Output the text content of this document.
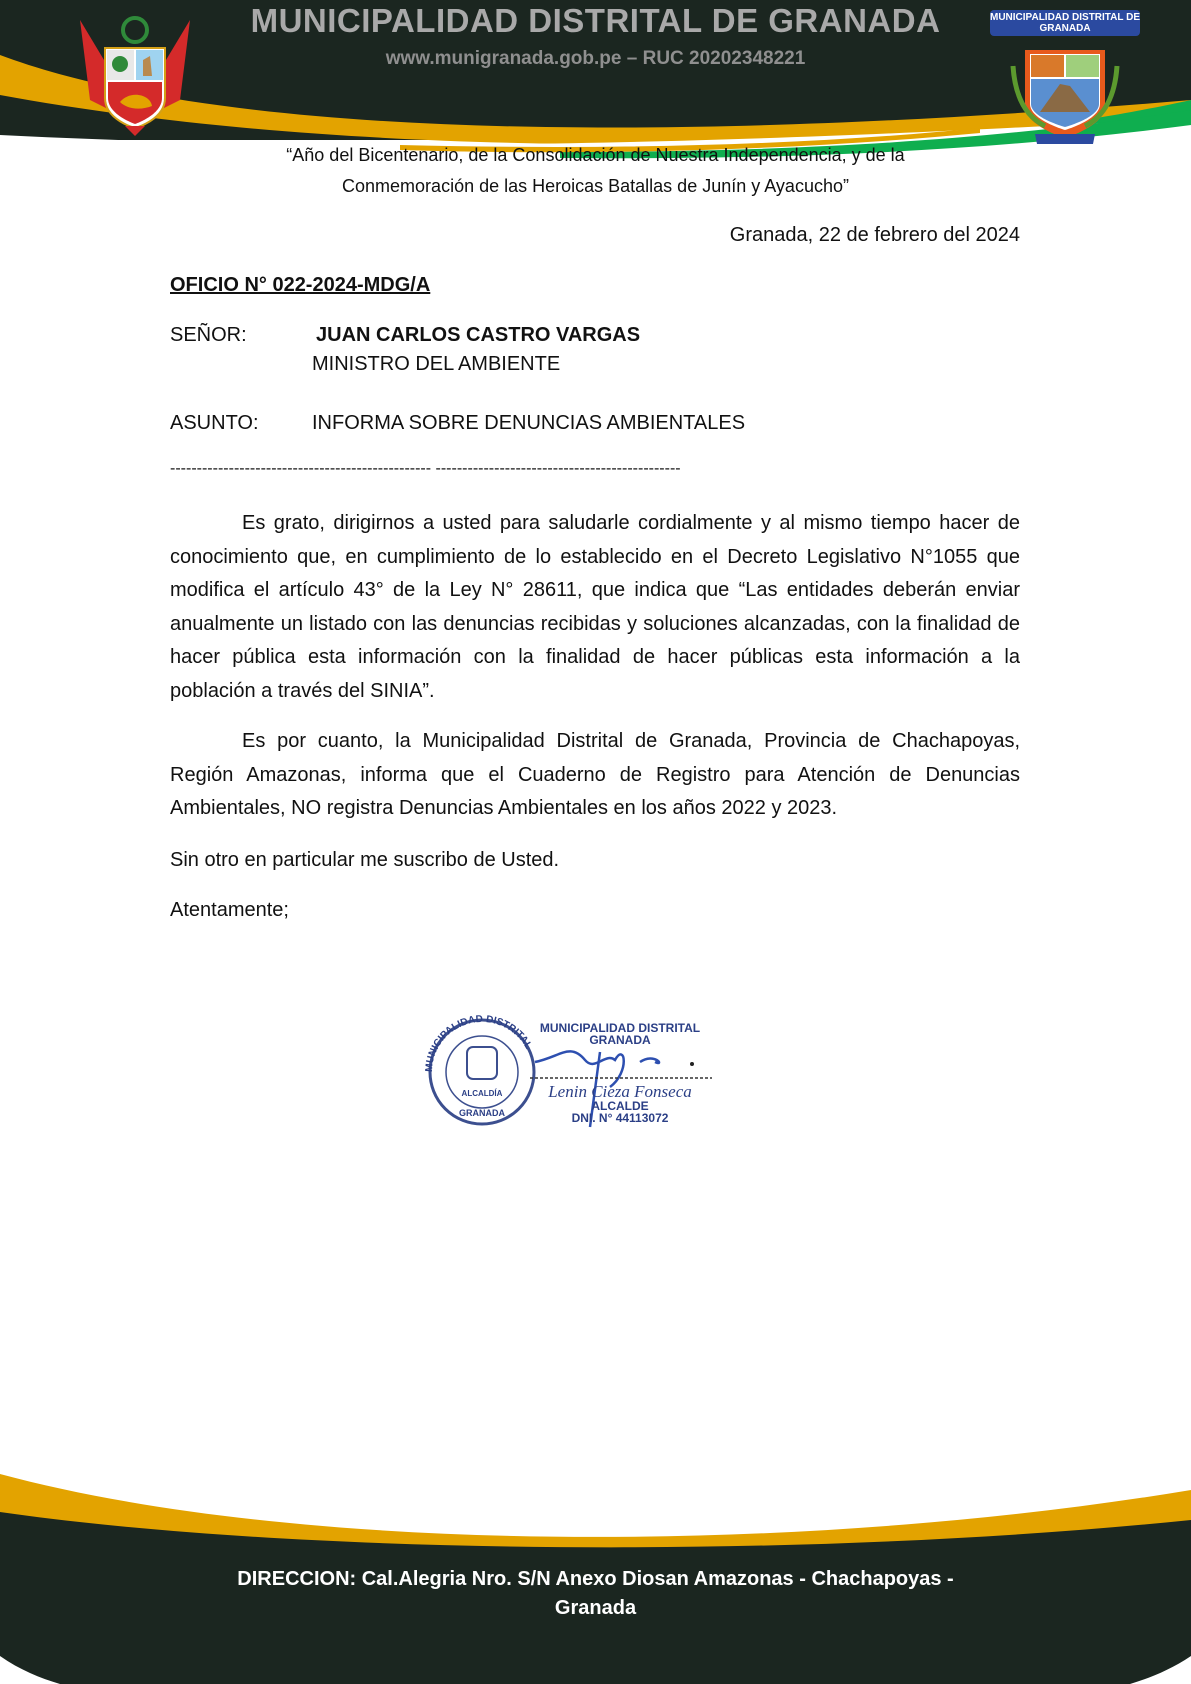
MUNICIPALIDAD DISTRITAL DE GRANADA
MUNICIPALIDAD DISTRITAL DE GRANADA
www.munigranada.gob.pe – RUC 20202348221
“Año del Bicentenario, de la Consolidación de Nuestra Independencia, y de la
Conmemoración de las Heroicas Batallas de Junín y Ayacucho”
Granada, 22 de febrero del 2024
OFICIO N° 022-2024-MDG/A
SEÑOR:	JUAN CARLOS CASTRO VARGAS
MINISTRO DEL AMBIENTE
ASUNTO:	INFORMA SOBRE DENUNCIAS AMBIENTALES
------------------------------------------------- ----------------------------------------------
Es grato, dirigirnos a usted para saludarle cordialmente y al mismo tiempo hacer de conocimiento que, en cumplimiento de lo establecido en el Decreto Legislativo N°1055 que modifica el artículo 43° de la Ley N° 28611, que indica que “Las entidades deberán enviar anualmente un listado con las denuncias recibidas y soluciones alcanzadas, con la finalidad de hacer pública esta información con la finalidad de hacer públicas esta información a la población a través del SINIA”.
Es por cuanto, la Municipalidad Distrital de Granada, Provincia de Chachapoyas, Región Amazonas, informa que el Cuaderno de Registro para Atención de Denuncias Ambientales, NO registra Denuncias Ambientales en los años 2022 y 2023.
Sin otro en particular me suscribo de Usted.
Atentamente;
MUNICIPALIDAD DISTRITAL
ALCALDÍA
GRANADA
MUNICIPALIDAD DISTRITAL
GRANADA
Lenin Cieza Fonseca
ALCALDE
DNI. N° 44113072
DIRECCION: Cal.Alegria Nro. S/N Anexo Diosan Amazonas - Chachapoyas -
Granada
